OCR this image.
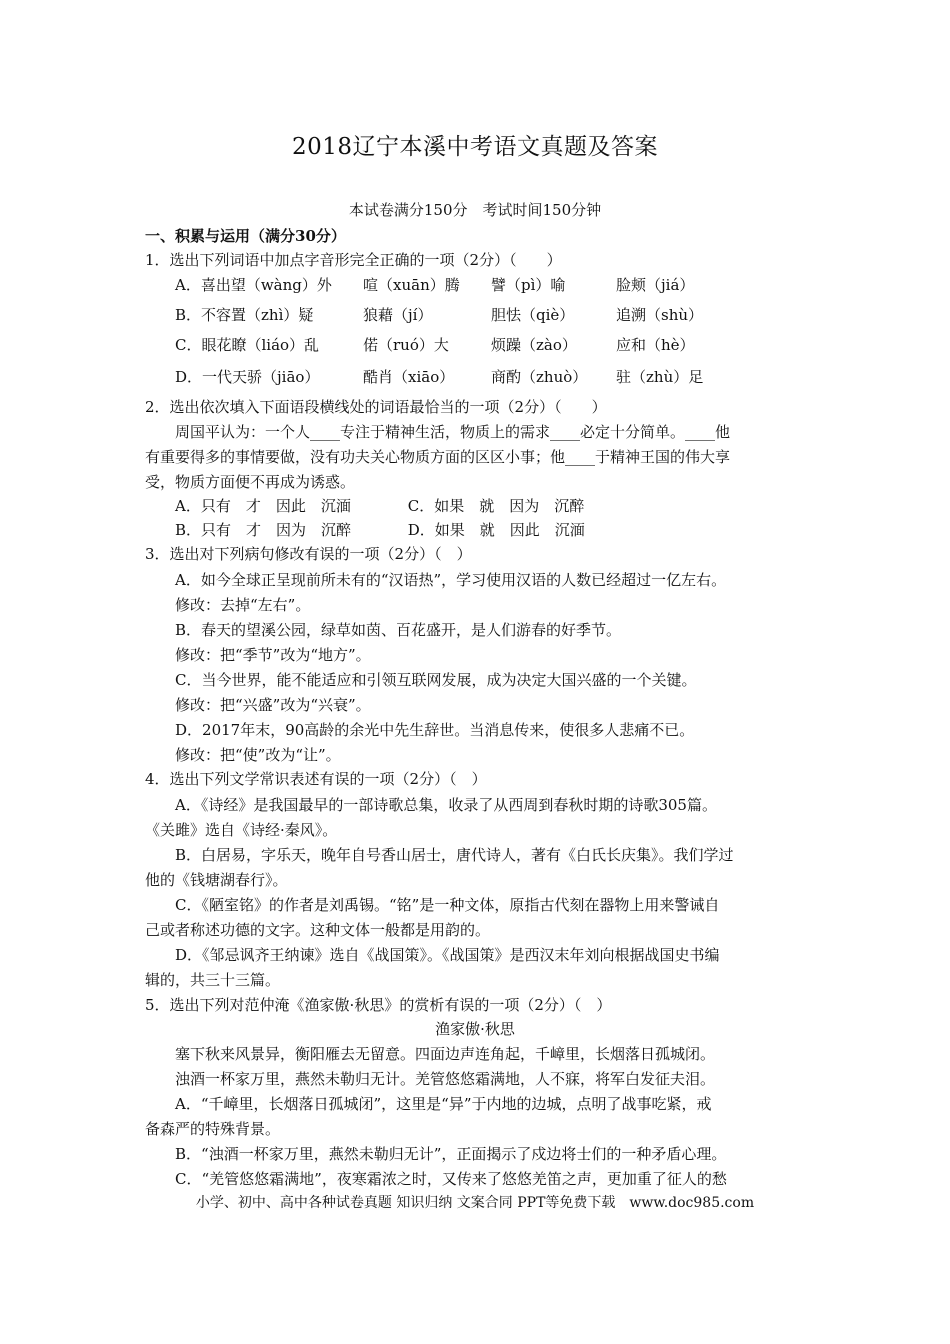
2018辽宁本溪中考语文真题及答案
本试卷满分150分　考试时间150分钟
一、积累与运用（满分30分）
1．选出下列词语中加点字音形完全正确的一项（2分）（　　）
A．喜出望（wàng）外	喧（xuān）腾	譬（pì）喻	脸颊（jiá）
B．不容置（zhì）疑	狼藉（jí）	胆怯（qiè）	追溯（shù）
C．眼花瞭（liáo）乱	偌（ruó）大	烦躁（zào）	应和（hè）
D．一代天骄（jiāo）	酷肖（xiāo）	商酌（zhuò）	驻（zhù）足
2．选出依次填入下面语段横线处的词语最恰当的一项（2分）（　　）
周国平认为：一个人____专注于精神生活，物质上的需求____必定十分简单。____他
有重要得多的事情要做，没有功夫关心物质方面的区区小事；他____于精神王国的伟大享
受，物质方面便不再成为诱惑。
A．只有　才　因此　沉湎	C．如果　就　因为　沉醉
B．只有　才　因为　沉醉	D．如果　就　因此　沉湎
3．选出对下列病句修改有误的一项（2分）（　）
A．如今全球正呈现前所未有的“汉语热”，学习使用汉语的人数已经超过一亿左右。
修改：去掉“左右”。
B．春天的望溪公园，绿草如茵、百花盛开，是人们游春的好季节。
修改：把“季节”改为“地方”。
C．当今世界，能不能适应和引领互联网发展，成为决定大国兴盛的一个关键。
修改：把“兴盛”改为“兴衰”。
D．2017年末，90高龄的余光中先生辞世。当消息传来，使很多人悲痛不已。
修改：把“使”改为“让”。
4．选出下列文学常识表述有误的一项（2分）（　）
A．《诗经》是我国最早的一部诗歌总集，收录了从西周到春秋时期的诗歌305篇。
《关雎》选自《诗经·秦风》。
B．白居易，字乐天，晚年自号香山居士，唐代诗人，著有《白氏长庆集》。我们学过
他的《钱塘湖春行》。
C．《陋室铭》的作者是刘禹锡。“铭”是一种文体，原指古代刻在器物上用来警诫自
己或者称述功德的文字。这种文体一般都是用韵的。
D．《邹忌讽齐王纳谏》选自《战国策》。《战国策》是西汉末年刘向根据战国史书编
辑的，共三十三篇。
5．选出下列对范仲淹《渔家傲·秋思》的赏析有误的一项（2分）（　）
渔家傲·秋思
塞下秋来风景异，衡阳雁去无留意。四面边声连角起，千嶂里，长烟落日孤城闭。
浊酒一杯家万里，燕然未勒归无计。羌管悠悠霜满地，人不寐，将军白发征夫泪。
A．“千嶂里，长烟落日孤城闭”，这里是“异”于内地的边城，点明了战事吃紧，戒
备森严的特殊背景。
B．“浊酒一杯家万里，燕然未勒归无计”，正面揭示了戍边将士们的一种矛盾心理。
C．“羌管悠悠霜满地”，夜寒霜浓之时，又传来了悠悠羌笛之声，更加重了征人的愁
小学、初中、高中各种试卷真题 知识归纳 文案合同 PPT等免费下载　www.doc985.com
